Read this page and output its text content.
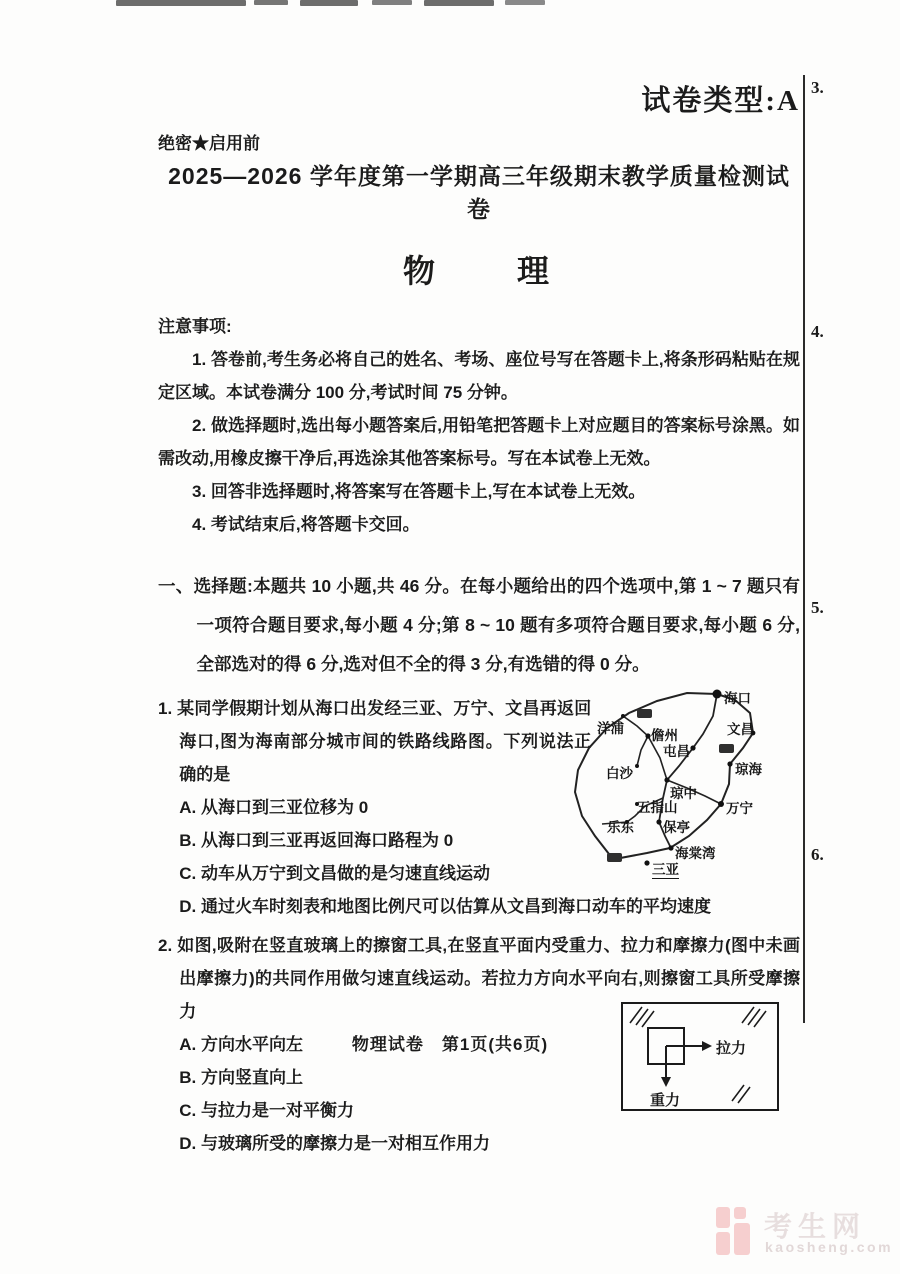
试卷类型:A
绝密★启用前
2025—2026 学年度第一学期高三年级期末教学质量检测试卷
物　　理

注意事项:

1. 答卷前,考生务必将自己的姓名、考场、座位号写在答题卡上,将条形码粘贴在规定区域。本试卷满分 100 分,考试时间 75 分钟。

2. 做选择题时,选出每小题答案后,用铅笔把答题卡上对应题目的答案标号涂黑。如需改动,用橡皮擦干净后,再选涂其他答案标号。写在本试卷上无效。

3. 回答非选择题时,将答案写在答题卡上,写在本试卷上无效。

4. 考试结束后,将答题卡交回。

一、选择题:本题共 10 小题,共 46 分。在每小题给出的四个选项中,第 1 ~ 7 题只有一项符合题目要求,每小题 4 分;第 8 ~ 10 题有多项符合题目要求,每小题 6 分,全部选对的得 6 分,选对但不全的得 3 分,有选错的得 0 分。

1. 某同学假期计划从海口出发经三亚、万宁、文昌再返回海口,图为海南部分城市间的铁路线路图。下列说法正确的是

A. 从海口到三亚位移为 0
B. 从海口到三亚再返回海口路程为 0
C. 动车从万宁到文昌做的是匀速直线运动
D. 通过火车时刻表和地图比例尺可以估算从文昌到海口动车的平均速度
海口
洋浦 儋州	文昌
屯昌
白沙	琼海
琼中
五指山	万宁
乐东 保亭
海棠湾
三亚

2. 如图,吸附在竖直玻璃上的擦窗工具,在竖直平面内受重力、拉力和摩擦力(图中未画出摩擦力)的共同作用做匀速直线运动。若拉力方向水平向右,则擦窗工具所受摩擦力

A. 方向水平向左
B. 方向竖直向上
C. 与拉力是一对平衡力
D. 与玻璃所受的摩擦力是一对相互作用力
拉力
重力
物理试卷　第1页(共6页)
3.
4.
5.
6.
考生网
kaosheng.com
